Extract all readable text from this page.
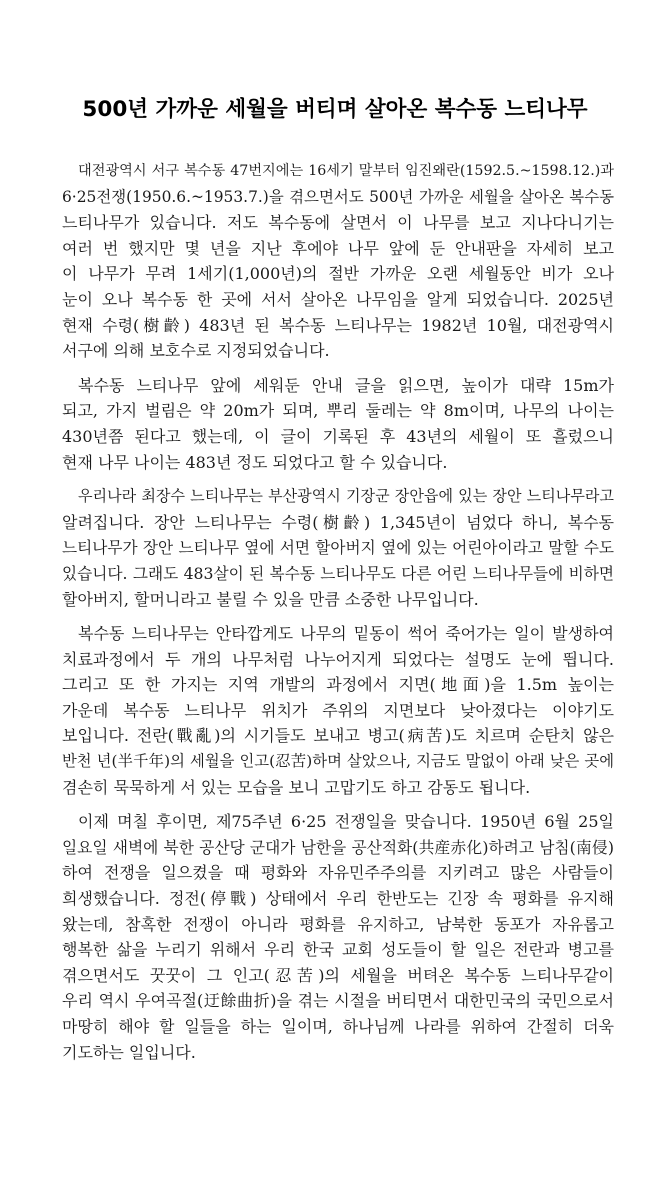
500년 가까운 세월을 버티며 살아온 복수동 느티나무
대전광역시 서구 복수동 47번지에는 16세기 말부터 임진왜란(1592.5.~1598.12.)과
6·25전쟁(1950.6.~1953.7.)을 겪으면서도 500년 가까운 세월을 살아온 복수동
느티나무가 있습니다. 저도 복수동에 살면서 이 나무를 보고 지나다니기는
여러 번 했지만 몇 년을 지난 후에야 나무 앞에 둔 안내판을 자세히 보고
이 나무가 무려 1세기(1,000년)의 절반 가까운 오랜 세월동안 비가 오나
눈이 오나 복수동 한 곳에 서서 살아온 나무임을 알게 되었습니다. 2025년
현재 수령(樹齡) 483년 된 복수동 느티나무는 1982년 10월, 대전광역시
서구에 의해 보호수로 지정되었습니다.
복수동 느티나무 앞에 세워둔 안내 글을 읽으면, 높이가 대략 15m가
되고, 가지 벌림은 약 20m가 되며, 뿌리 둘레는 약 8m이며, 나무의 나이는
430년쯤 된다고 했는데, 이 글이 기록된 후 43년의 세월이 또 흘렀으니
현재 나무 나이는 483년 정도 되었다고 할 수 있습니다.
우리나라 최장수 느티나무는 부산광역시 기장군 장안읍에 있는 장안 느티나무라고
알려집니다. 장안 느티나무는 수령(樹齡) 1,345년이 넘었다 하니, 복수동
느티나무가 장안 느티나무 옆에 서면 할아버지 옆에 있는 어린아이라고 말할 수도
있습니다. 그래도 483살이 된 복수동 느티나무도 다른 어린 느티나무들에 비하면
할아버지, 할머니라고 불릴 수 있을 만큼 소중한 나무입니다.
복수동 느티나무는 안타깝게도 나무의 밑동이 썩어 죽어가는 일이 발생하여
치료과정에서 두 개의 나무처럼 나누어지게 되었다는 설명도 눈에 띕니다.
그리고 또 한 가지는 지역 개발의 과정에서 지면(地面)을 1.5m 높이는
가운데 복수동 느티나무 위치가 주위의 지면보다 낮아졌다는 이야기도
보입니다. 전란(戰亂)의 시기들도 보내고 병고(病苦)도 치르며 순탄치 않은
반천 년(半千年)의 세월을 인고(忍苦)하며 살았으나, 지금도 말없이 아래 낮은 곳에
겸손히 묵묵하게 서 있는 모습을 보니 고맙기도 하고 감동도 됩니다.
이제 며칠 후이면, 제75주년 6·25 전쟁일을 맞습니다. 1950년 6월 25일
일요일 새벽에 북한 공산당 군대가 남한을 공산적화(共産赤化)하려고 남침(南侵)
하여 전쟁을 일으켰을 때 평화와 자유민주주의를 지키려고 많은 사람들이
희생했습니다. 정전(停戰) 상태에서 우리 한반도는 긴장 속 평화를 유지해
왔는데, 참혹한 전쟁이 아니라 평화를 유지하고, 남북한 동포가 자유롭고
행복한 삶을 누리기 위해서 우리 한국 교회 성도들이 할 일은 전란과 병고를
겪으면서도 꿋꿋이 그 인고(忍苦)의 세월을 버텨온 복수동 느티나무같이
우리 역시 우여곡절(迂餘曲折)을 겪는 시절을 버티면서 대한민국의 국민으로서
마땅히 해야 할 일들을 하는 일이며, 하나님께 나라를 위하여 간절히 더욱
기도하는 일입니다.
